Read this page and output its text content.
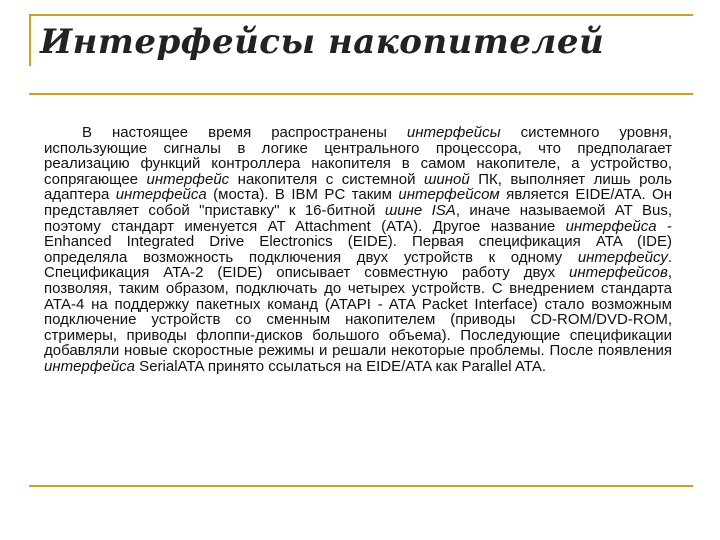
Интерфейсы накопителей

В настоящее время распространены интерфейсы системного уровня, использующие сигналы в логике центрального процессора, что предполагает реализацию функций контроллера накопителя в самом накопителе, а устройство, сопрягающее интерфейс накопителя с системной шиной ПК, выполняет лишь роль адаптера интерфейса (моста). В IBM PC таким интерфейсом является EIDE/ATA. Он представляет собой "приставку" к 16-битной шине ISA, иначе называемой AT Bus, поэтому стандарт именуется AT Attachment (ATA). Другое название интерфейса - Enhanced Integrated Drive Electronics (EIDE). Первая спецификация ATA (IDE) определяла возможность подключения двух устройств к одному интерфейсу. Спецификация ATA-2 (EIDE) описывает совместную работу двух интерфейсов, позволяя, таким образом, подключать до четырех устройств. С внедрением стандарта ATA-4 на поддержку пакетных команд (ATAPI - ATA Packet Interface) стало возможным подключение устройств со сменным накопителем (приводы CD-ROM/DVD-ROM, стримеры, приводы флоппи-дисков большого объема). Последующие спецификации добавляли новые скоростные режимы и решали некоторые проблемы. После появления интерфейса SerialATA принято ссылаться на EIDE/ATA как Parallel ATA.
